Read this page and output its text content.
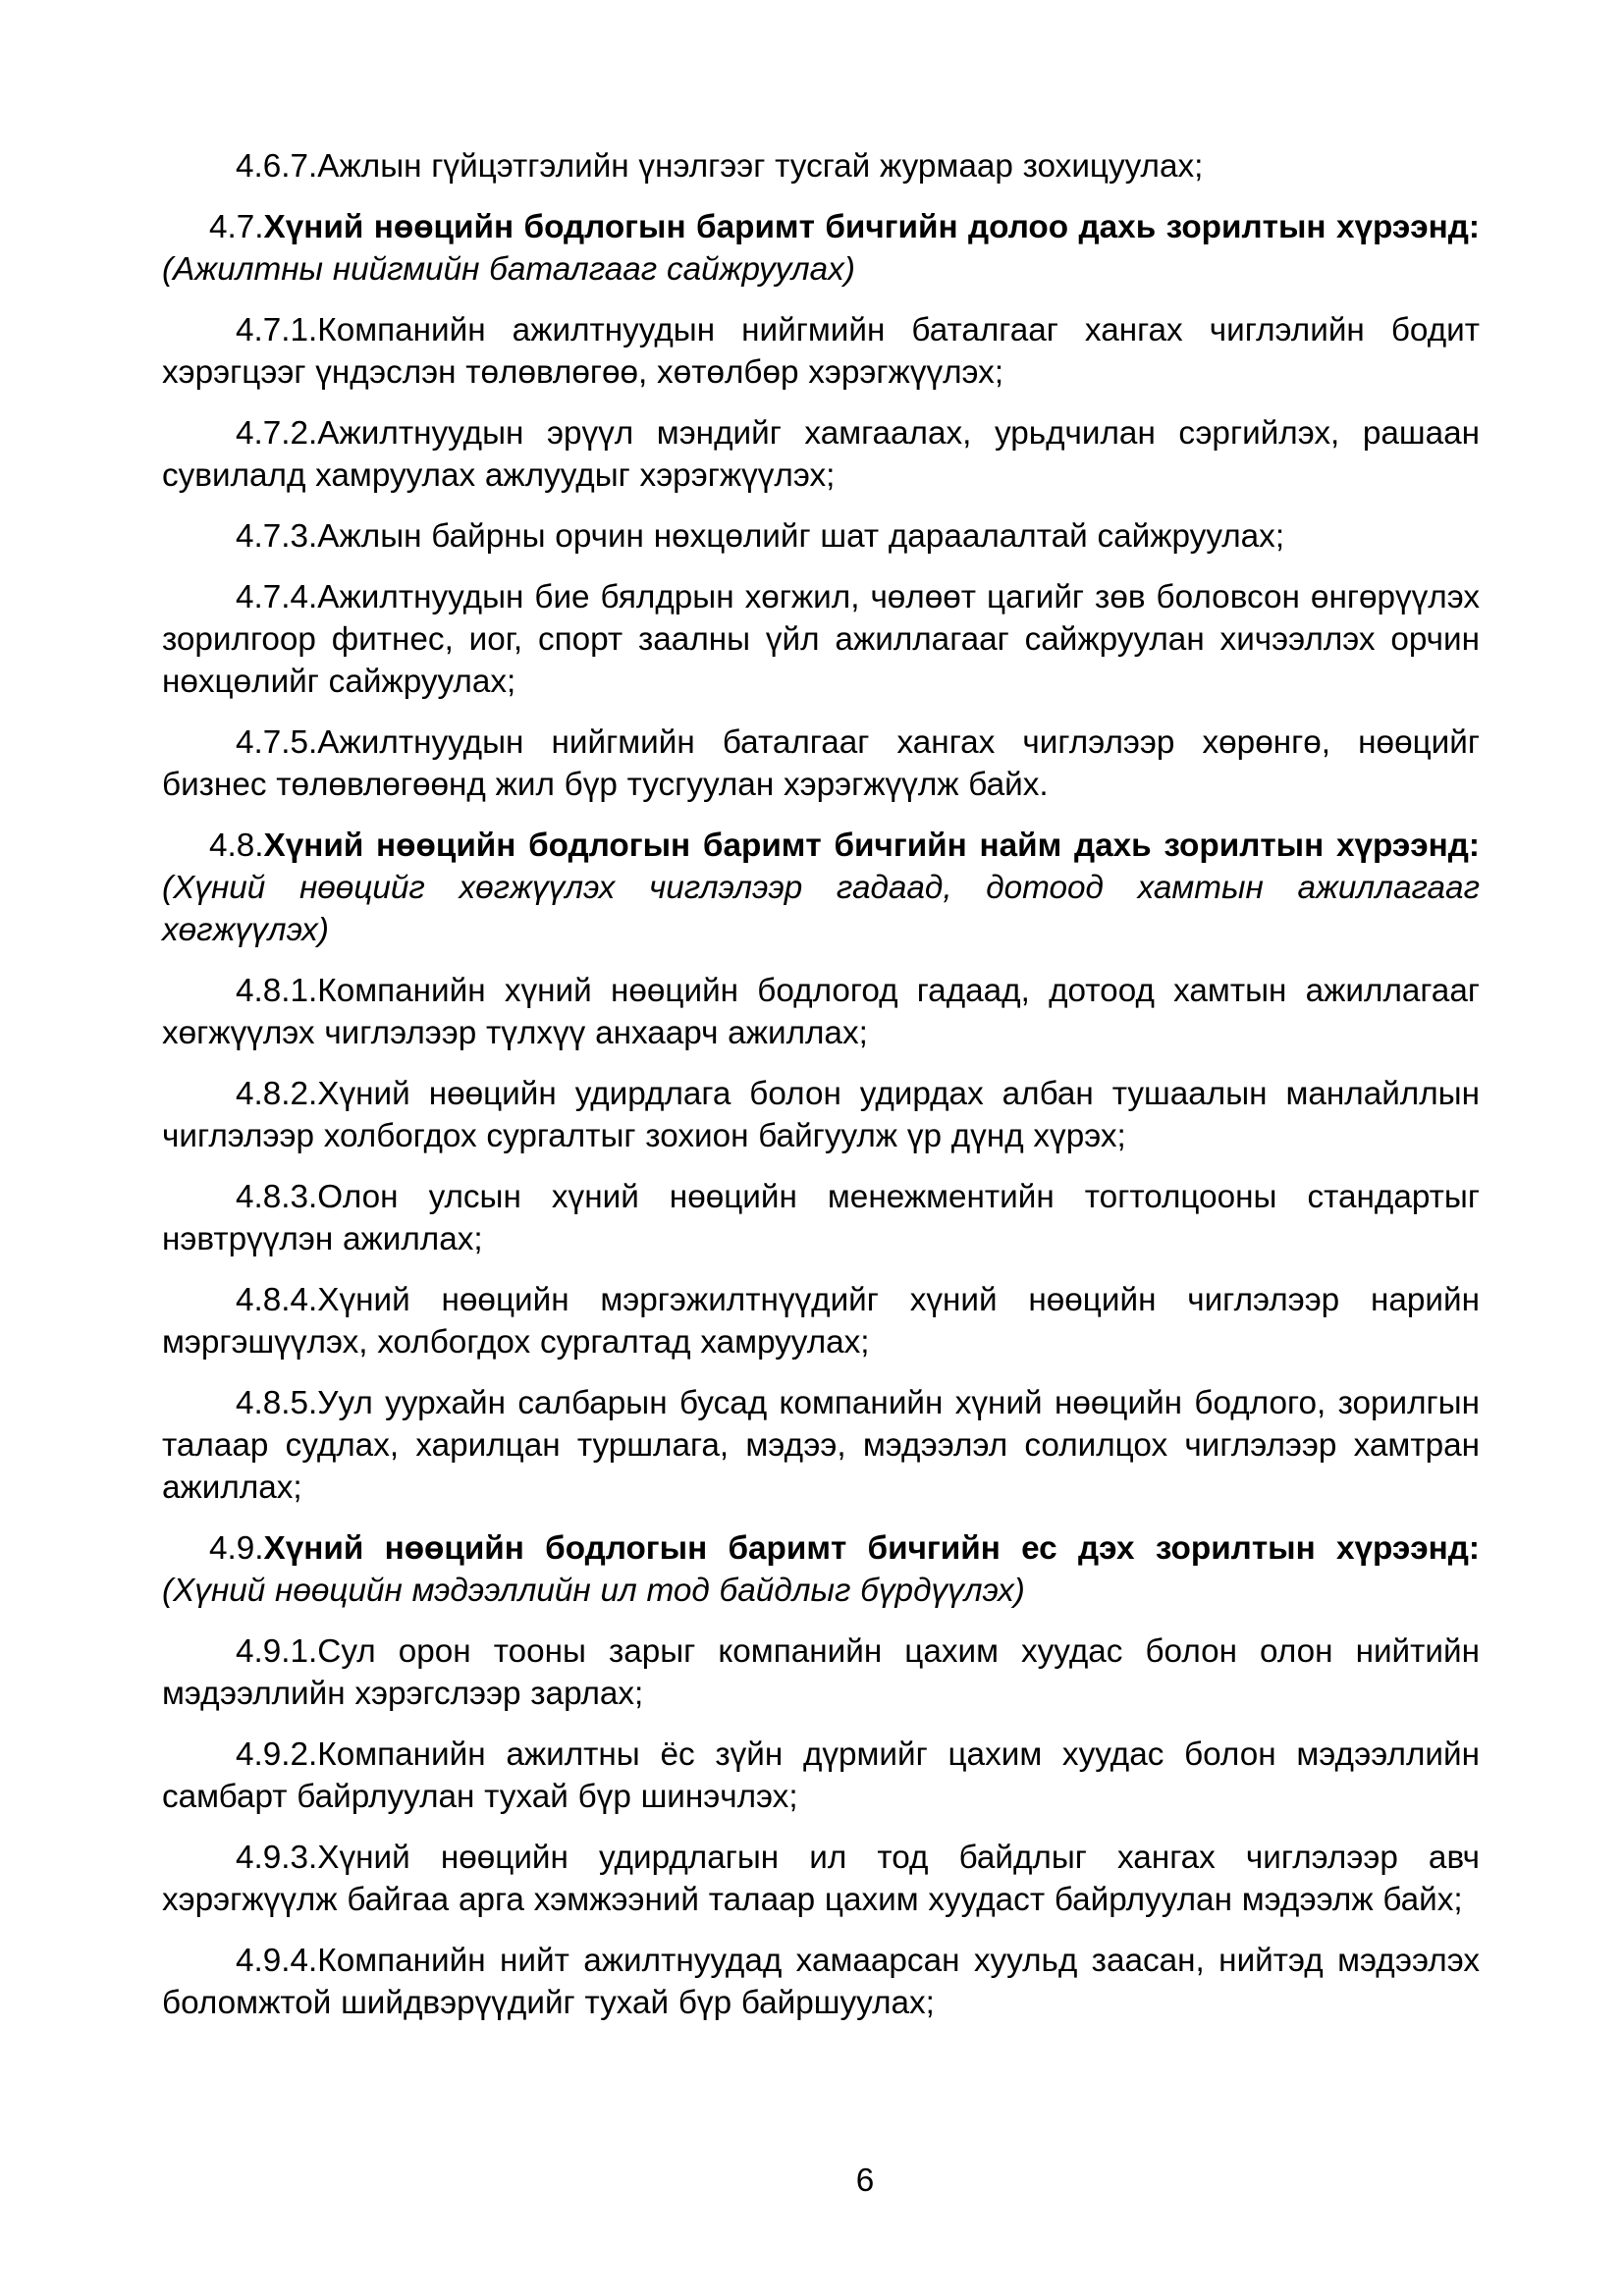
4.6.7.Ажлын гүйцэтгэлийн үнэлгээг тусгай журмаар зохицуулах;

4.7.Хүний нөөцийн бодлогын баримт бичгийн долоо дахь зорилтын хүрээнд: (Ажилтны нийгмийн баталгааг сайжруулах)

4.7.1.Компанийн ажилтнуудын нийгмийн баталгааг хангах чиглэлийн бодит хэрэгцээг үндэслэн төлөвлөгөө, хөтөлбөр хэрэгжүүлэх;

4.7.2.Ажилтнуудын эрүүл мэндийг хамгаалах, урьдчилан сэргийлэх, рашаан сувилалд хамруулах ажлуудыг хэрэгжүүлэх;

4.7.3.Ажлын байрны орчин нөхцөлийг шат дараалалтай сайжруулах;

4.7.4.Ажилтнуудын бие бялдрын хөгжил, чөлөөт цагийг зөв боловсон өнгөрүүлэх зорилгоор фитнес, иог, спорт заалны үйл ажиллагааг сайжруулан хичээллэх орчин нөхцөлийг сайжруулах;

4.7.5.Ажилтнуудын нийгмийн баталгааг хангах чиглэлээр хөрөнгө, нөөцийг бизнес төлөвлөгөөнд жил бүр тусгуулан хэрэгжүүлж байх.

4.8.Хүний нөөцийн бодлогын баримт бичгийн найм дахь зорилтын хүрээнд: (Хүний нөөцийг хөгжүүлэх чиглэлээр гадаад, дотоод хамтын ажиллагааг хөгжүүлэх)

4.8.1.Компанийн хүний нөөцийн бодлогод гадаад, дотоод хамтын ажиллагааг хөгжүүлэх чиглэлээр түлхүү анхаарч ажиллах;

4.8.2.Хүний нөөцийн удирдлага болон удирдах албан тушаалын манлайллын чиглэлээр холбогдох сургалтыг зохион байгуулж үр дүнд хүрэх;

4.8.3.Олон улсын хүний нөөцийн менежментийн тогтолцооны стандартыг нэвтрүүлэн ажиллах;

4.8.4.Хүний нөөцийн мэргэжилтнүүдийг хүний нөөцийн чиглэлээр нарийн мэргэшүүлэх, холбогдох сургалтад хамруулах;

4.8.5.Уул уурхайн салбарын бусад компанийн хүний нөөцийн бодлого, зорилгын талаар судлах, харилцан туршлага, мэдээ, мэдээлэл солилцох чиглэлээр хамтран ажиллах;

4.9.Хүний нөөцийн бодлогын баримт бичгийн ес дэх зорилтын хүрээнд: (Хүний нөөцийн мэдээллийн ил тод байдлыг бүрдүүлэх)

4.9.1.Сул орон тооны зарыг компанийн цахим хуудас болон олон нийтийн мэдээллийн хэрэгслээр зарлах;

4.9.2.Компанийн ажилтны ёс зүйн дүрмийг цахим хуудас болон мэдээллийн самбарт байрлуулан тухай бүр шинэчлэх;

4.9.3.Хүний нөөцийн удирдлагын ил тод байдлыг хангах чиглэлээр авч хэрэгжүүлж байгаа арга хэмжээний талаар цахим хуудаст байрлуулан мэдээлж байх;

4.9.4.Компанийн нийт ажилтнуудад хамаарсан хуульд заасан, нийтэд мэдээлэх боломжтой шийдвэрүүдийг тухай бүр байршуулах;

6
